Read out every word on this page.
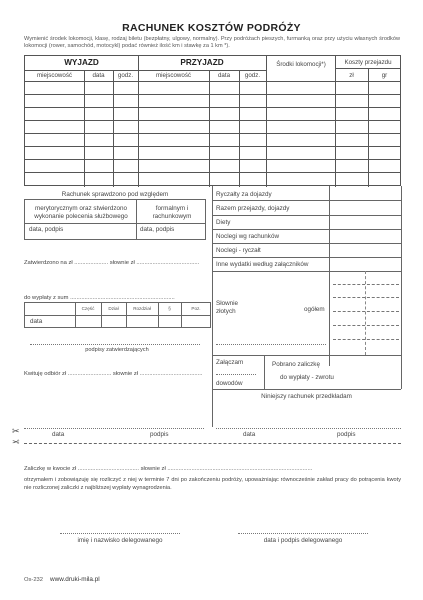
RACHUNEK KOSZTÓW PODRÓŻY
Wymienić środek lokomocji, klasę, rodzaj biletu (bezpłatny, ulgowy, normalny). Przy podróżach pieszych, furmanką oraz przy użyciu własnych środków lokomocji (rower, samochód, motocykl) podać również ilość km i stawkę za 1 km *).
WYJAZD	PRZYJAZD
miejscowość	data	godz.	miejscowość	data	godz.
Środki lokomocji*)	Koszty przejazdu
zł	gr
Rachunek sprawdzono pod względem
merytorycznym oraz stwierdzono wykonanie polecenia służbowego
formalnym i rachunkowym
data, podpis	data, podpis
Zatwierdzono na zł ..................... słownie zł .......................................
do wypłaty z sum .................................................................
Część	Dział	Rozdział	§	Poz.
data
podpisy zatwierdzających
Kwituję odbiór zł ........................... słownie zł .......................................
Ryczałty za dojazdy
Razem przejazdy, dojazdy
Diety
Noclegi wg rachunków
Noclegi - ryczałt
Inne wydatki według załączników
Słownie złotych	ogółem
Załączam
dowodów
Pobrano zaliczkę
do wypłaty - zwrotu
Niniejszy rachunek przedkładam
✂	data	podpis	data	podpis
✂
Zaliczkę w kwocie zł ...................................... słownie zł ..........................................................................................
otrzymałem i zobowiązuję się rozliczyć z niej w terminie 7 dni po zakończeniu podróży, upoważniając równocześnie zakład pracy do potrącenia kwoty nie rozliczonej zaliczki z najbliższej wypłaty wynagrodzenia.
imię i nazwisko delegowanego	data i podpis delegowanego
Os-232 www.druki-mila.pl
